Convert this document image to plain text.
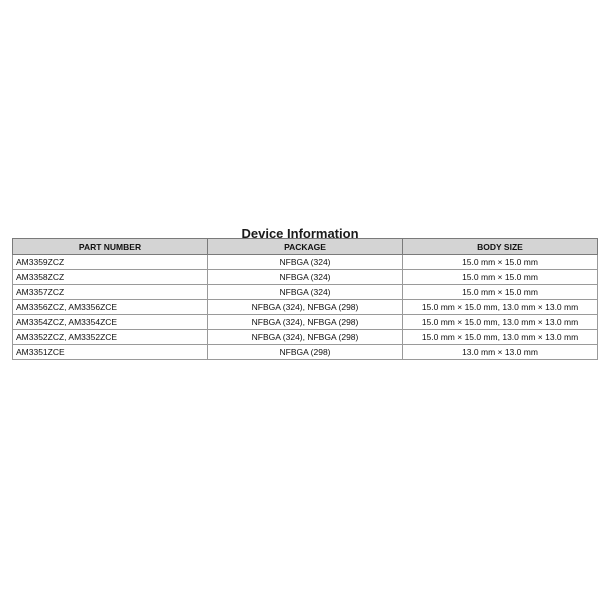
Device Information
PART NUMBER	PACKAGE	BODY SIZE
AM3359ZCZ	NFBGA (324)	15.0 mm × 15.0 mm
AM3358ZCZ	NFBGA (324)	15.0 mm × 15.0 mm
AM3357ZCZ	NFBGA (324)	15.0 mm × 15.0 mm
AM3356ZCZ, AM3356ZCE	NFBGA (324), NFBGA (298)	15.0 mm × 15.0 mm, 13.0 mm × 13.0 mm
AM3354ZCZ, AM3354ZCE	NFBGA (324), NFBGA (298)	15.0 mm × 15.0 mm, 13.0 mm × 13.0 mm
AM3352ZCZ, AM3352ZCE	NFBGA (324), NFBGA (298)	15.0 mm × 15.0 mm, 13.0 mm × 13.0 mm
AM3351ZCE	NFBGA (298)	13.0 mm × 13.0 mm
